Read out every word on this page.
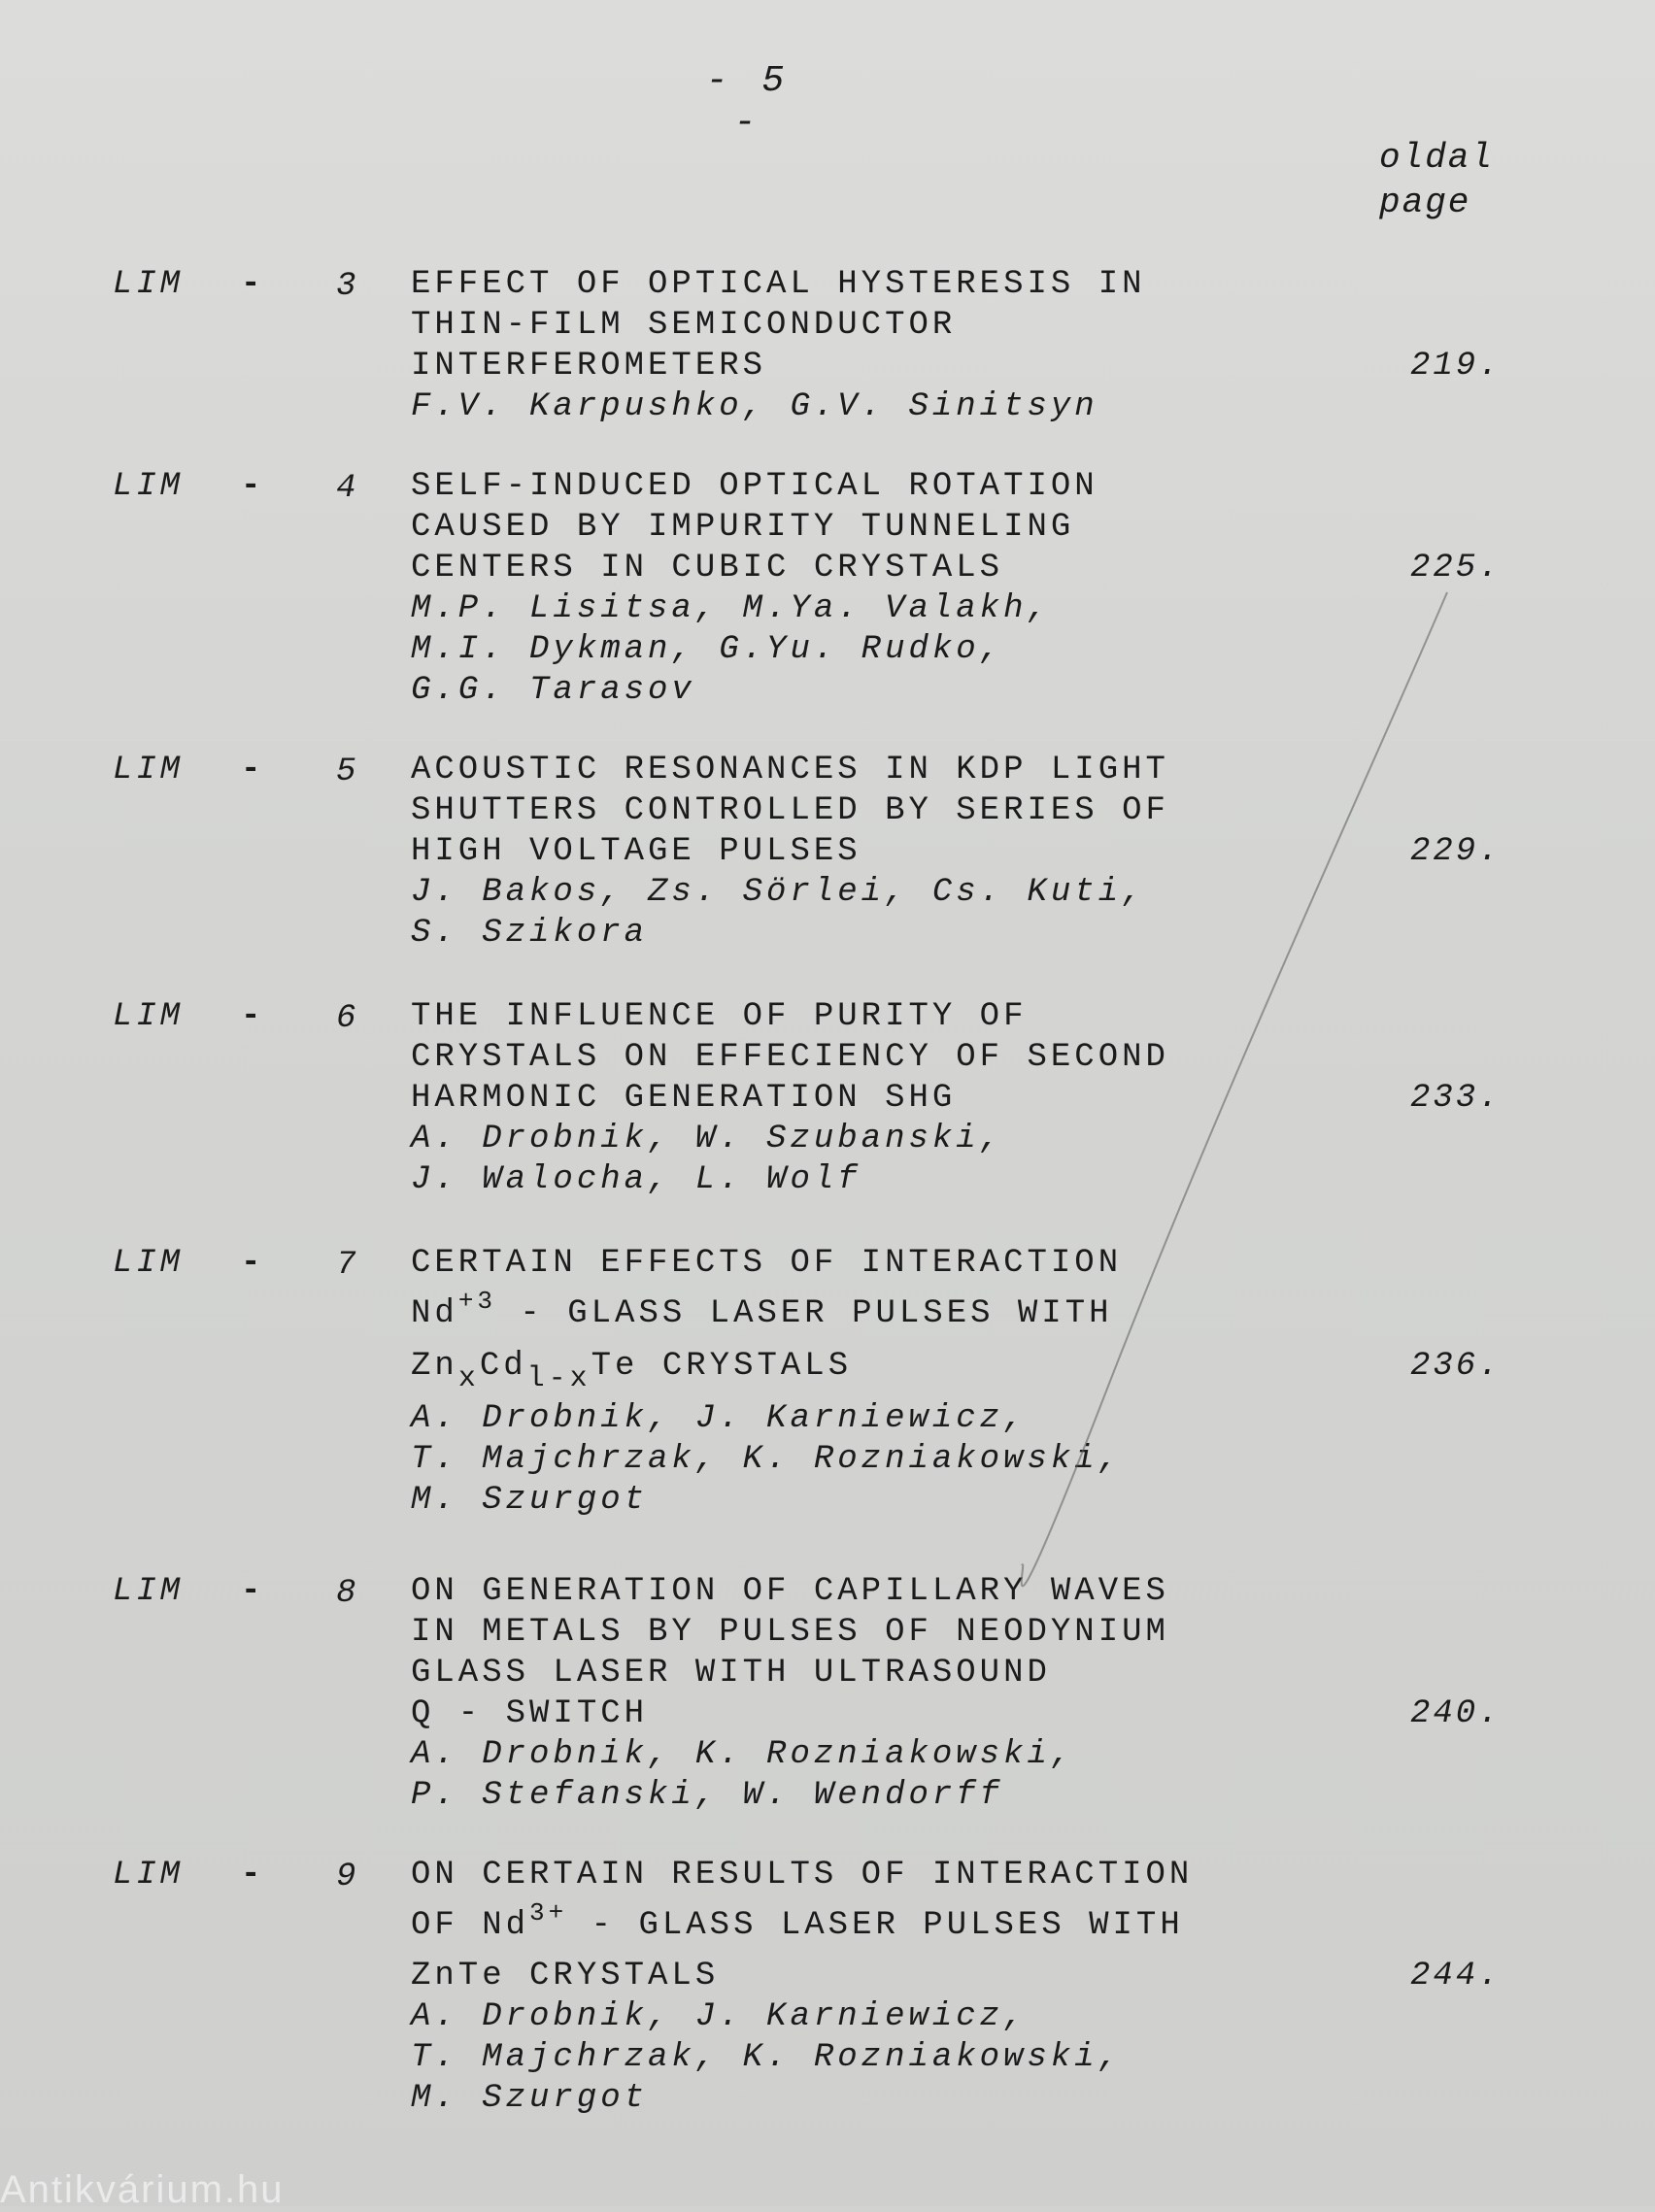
- 5 -
oldal
page
LIM - 3 EFFECT OF OPTICAL HYSTERESIS IN
THIN-FILM SEMICONDUCTOR
INTERFEROMETERS
F.V. Karpushko, G.V. Sinitsyn
219.
LIM - 4 SELF-INDUCED OPTICAL ROTATION
CAUSED BY IMPURITY TUNNELING
CENTERS IN CUBIC CRYSTALS
M.P. Lisitsa, M.Ya. Valakh,
M.I. Dykman, G.Yu. Rudko,
G.G. Tarasov
225.
LIM - 5 ACOUSTIC RESONANCES IN KDP LIGHT
SHUTTERS CONTROLLED BY SERIES OF
HIGH VOLTAGE PULSES
J. Bakos, Zs. Sörlei, Cs. Kuti,
S. Szikora
229.
LIM - 6 THE INFLUENCE OF PURITY OF
CRYSTALS ON EFFECIENCY OF SECOND
HARMONIC GENERATION SHG
A. Drobnik, W. Szubanski,
J. Walocha, L. Wolf
233.
LIM - 7 CERTAIN EFFECTS OF INTERACTION
$Nd^{+3}$ - GLASS LASER PULSES WITH
$Zn_xCd_{l-x}Te$ CRYSTALS
A. Drobnik, J. Karniewicz,
T. Majchrzak, K. Rozniakowski,
M. Szurgot
236.
LIM - 8 ON GENERATION OF CAPILLARY WAVES
IN METALS BY PULSES OF NEODYNIUM
GLASS LASER WITH ULTRASOUND
Q - SWITCH
A. Drobnik, K. Rozniakowski,
P. Stefanski, W. Wendorff
240.
LIM - 9 ON CERTAIN RESULTS OF INTERACTION
OF $Nd^{3+}$ - GLASS LASER PULSES WITH
ZnTe CRYSTALS
A. Drobnik, J. Karniewicz,
T. Majchrzak, K. Rozniakowski,
M. Szurgot
244.
Antikvárium.hu
